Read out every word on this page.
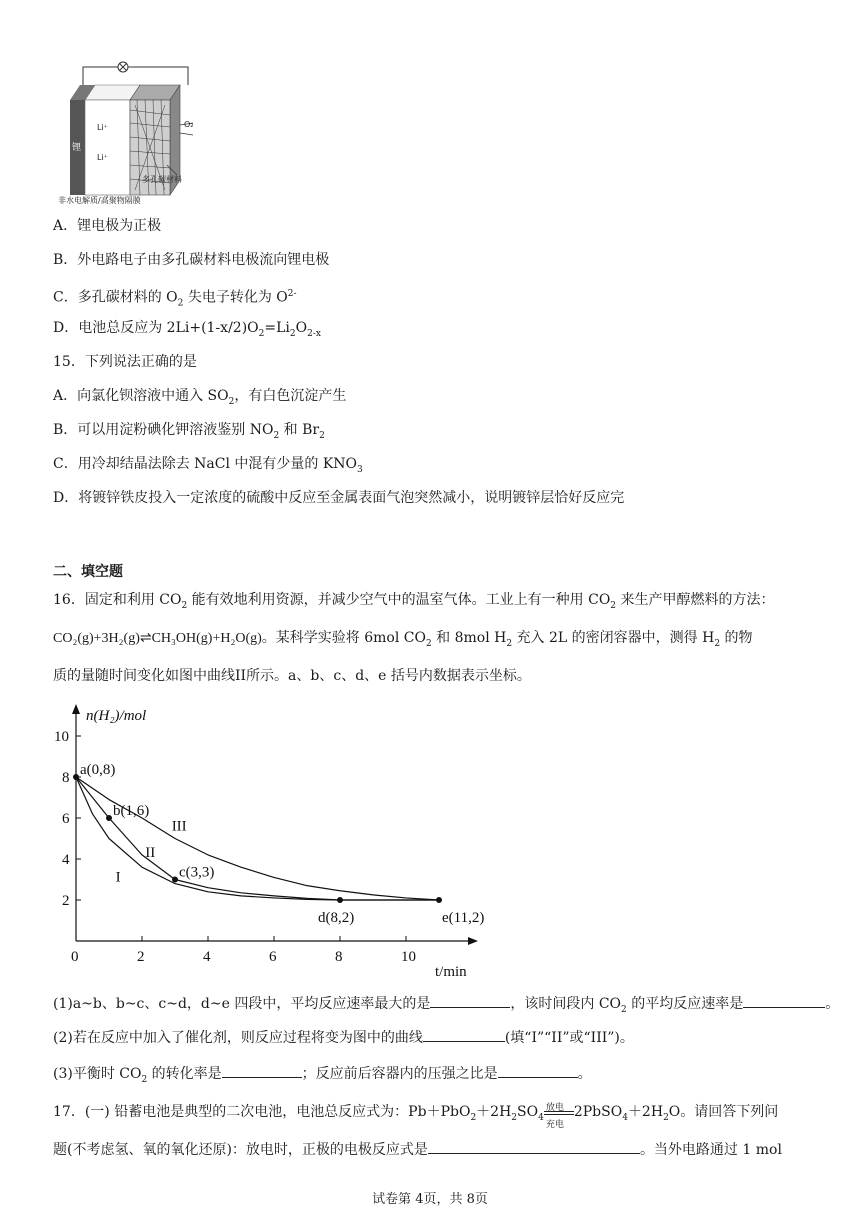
锂
Li⁺
Li⁺
O₂
多孔碳材料
非水电解质/高聚物隔膜
A．锂电极为正极
B．外电路电子由多孔碳材料电极流向锂电极
C．多孔碳材料的 $O_2$ 失电子转化为 $O^{2-}$
D．电池总反应为 $2Li+(1-x/2)O_2=Li_2O_{2-x}$
15．下列说法正确的是
A．向氯化钡溶液中通入 $SO_2$，有白色沉淀产生
B．可以用淀粉碘化钾溶液鉴别 $NO_2$ 和 $Br_2$
C．用冷却结晶法除去 NaCl 中混有少量的 $KNO_3$
D．将镀锌铁皮投入一定浓度的硫酸中反应至金属表面气泡突然减小，说明镀锌层恰好反应完
二、填空题
16．固定和利用 $CO_2$ 能有效地利用资源，并减少空气中的温室气体。工业上有一种用 $CO_2$ 来生产甲醇燃料的方法：
CO₂(g)+3H₂(g)⇌CH₃OH(g)+H₂O(g)。某科学实验将 6mol $CO_2$ 和 8mol $H_2$ 充入 2L 的密闭容器中，测得 $H_2$ 的物
质的量随时间变化如图中曲线II所示。a、b、c、d、e 括号内数据表示坐标。
n(H₂)/mol
t/min
0	2	4	6	8	10
2
4
6
8
10
a(0,8)
b(1,6)
c(3,3)
d(8,2)	e(11,2)
I
II
III
(1)a~b、b~c、c~d，d~e 四段中，平均反应速率最大的是	，该时间段内 $CO_2$ 的平均反应速率是	。
(2)若在反应中加入了催化剂，则反应过程将变为图中的曲线	(填“I”“II”或“III”)。
(3)平衡时 $CO_2$ 的转化率是	；反应前后容器内的压强之比是	。
17．(一) 铅蓄电池是典型的二次电池，电池总反应式为：$Pb+PbO_2+2H_2SO_4$
放电
充电
$2PbSO_4+2H_2O$。请回答下列问
题(不考虑氢、氧的氧化还原)：放电时，正极的电极反应式是	。当外电路通过 1 mol
试卷第 4页，共 8页
